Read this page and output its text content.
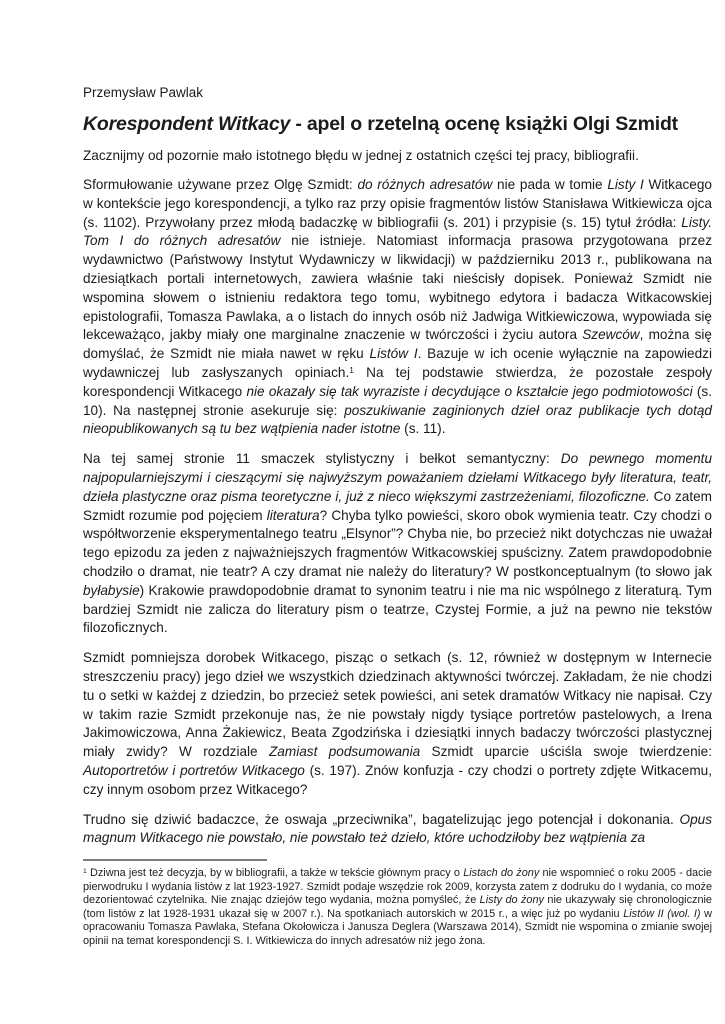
Przemysław Pawlak

Korespondent Witkacy - apel o rzetelną ocenę książki Olgi Szmidt

Zacznijmy od pozornie mało istotnego błędu w jednej z ostatnich części tej pracy, bibliografii.

Sformułowanie używane przez Olgę Szmidt: do różnych adresatów nie pada w tomie Listy I Witkacego w kontekście jego korespondencji, a tylko raz przy opisie fragmentów listów Stanisława Witkiewicza ojca (s. 1102). Przywołany przez młodą badaczkę w bibliografii (s. 201) i przypisie (s. 15) tytuł źródła: Listy. Tom I do różnych adresatów nie istnieje. Natomiast informacja prasowa przygotowana przez wydawnictwo (Państwowy Instytut Wydawniczy w likwidacji) w październiku 2013 r., publikowana na dziesiątkach portali internetowych, zawiera właśnie taki nieścisły dopisek. Ponieważ Szmidt nie wspomina słowem o istnieniu redaktora tego tomu, wybitnego edytora i badacza Witkacowskiej epistolografii, Tomasza Pawlaka, a o listach do innych osób niż Jadwiga Witkiewiczowa, wypowiada się lekceważąco, jakby miały one marginalne znaczenie w twórczości i życiu autora Szewców, można się domyślać, że Szmidt nie miała nawet w ręku Listów I. Bazuje w ich ocenie wyłącznie na zapowiedzi wydawniczej lub zasłyszanych opiniach.$^1$ Na tej podstawie stwierdza, że pozostałe zespoły korespondencji Witkacego nie okazały się tak wyraziste i decydujące o kształcie jego podmiotowości (s. 10). Na następnej stronie asekuruje się: poszukiwanie zaginionych dzieł oraz publikacje tych dotąd nieopublikowanych są tu bez wątpienia nader istotne (s. 11).

Na tej samej stronie 11 smaczek stylistyczny i bełkot semantyczny: Do pewnego momentu najpopularniejszymi i cieszącymi się najwyższym poważaniem dziełami Witkacego były literatura, teatr, dzieła plastyczne oraz pisma teoretyczne i, już z nieco większymi zastrzeżeniami, filozoficzne. Co zatem Szmidt rozumie pod pojęciem literatura? Chyba tylko powieści, skoro obok wymienia teatr. Czy chodzi o współtworzenie eksperymentalnego teatru „Elsynor”? Chyba nie, bo przecież nikt dotychczas nie uważał tego epizodu za jeden z najważniejszych fragmentów Witkacowskiej spuścizny. Zatem prawdopodobnie chodziło o dramat, nie teatr? A czy dramat nie należy do literatury? W postkonceptualnym (to słowo jak byłabysie) Krakowie prawdopodobnie dramat to synonim teatru i nie ma nic wspólnego z literaturą. Tym bardziej Szmidt nie zalicza do literatury pism o teatrze, Czystej Formie, a już na pewno nie tekstów filozoficznych.

Szmidt pomniejsza dorobek Witkacego, pisząc o setkach (s. 12, również w dostępnym w Internecie streszczeniu pracy) jego dzieł we wszystkich dziedzinach aktywności twórczej. Zakładam, że nie chodzi tu o setki w każdej z dziedzin, bo przecież setek powieści, ani setek dramatów Witkacy nie napisał. Czy w takim razie Szmidt przekonuje nas, że nie powstały nigdy tysiące portretów pastelowych, a Irena Jakimowiczowa, Anna Żakiewicz, Beata Zgodzińska i dziesiątki innych badaczy twórczości plastycznej miały zwidy? W rozdziale Zamiast podsumowania Szmidt uparcie uściśla swoje twierdzenie: Autoportretów i portretów Witkacego (s. 197). Znów konfuzja - czy chodzi o portrety zdjęte Witkacemu, czy innym osobom przez Witkacego?

Trudno się dziwić badaczce, że oswaja „przeciwnika”, bagatelizując jego potencjał i dokonania. Opus magnum Witkacego nie powstało, nie powstało też dzieło, które uchodziłoby bez wątpienia za

$^1$ Dziwna jest też decyzja, by w bibliografii, a także w tekście głównym pracy o Listach do żony nie wspomnieć o roku 2005 - dacie pierwodruku I wydania listów z lat 1923-1927. Szmidt podaje wszędzie rok 2009, korzysta zatem z dodruku do I wydania, co może dezorientować czytelnika. Nie znając dziejów tego wydania, można pomyśleć, że Listy do żony nie ukazywały się chronologicznie (tom listów z lat 1928-1931 ukazał się w 2007 r.). Na spotkaniach autorskich w 2015 r., a więc już po wydaniu Listów II (wol. I) w opracowaniu Tomasza Pawlaka, Stefana Okołowicza i Janusza Deglera (Warszawa 2014), Szmidt nie wspomina o zmianie swojej opinii na temat korespondencji S. I. Witkiewicza do innych adresatów niż jego żona.
